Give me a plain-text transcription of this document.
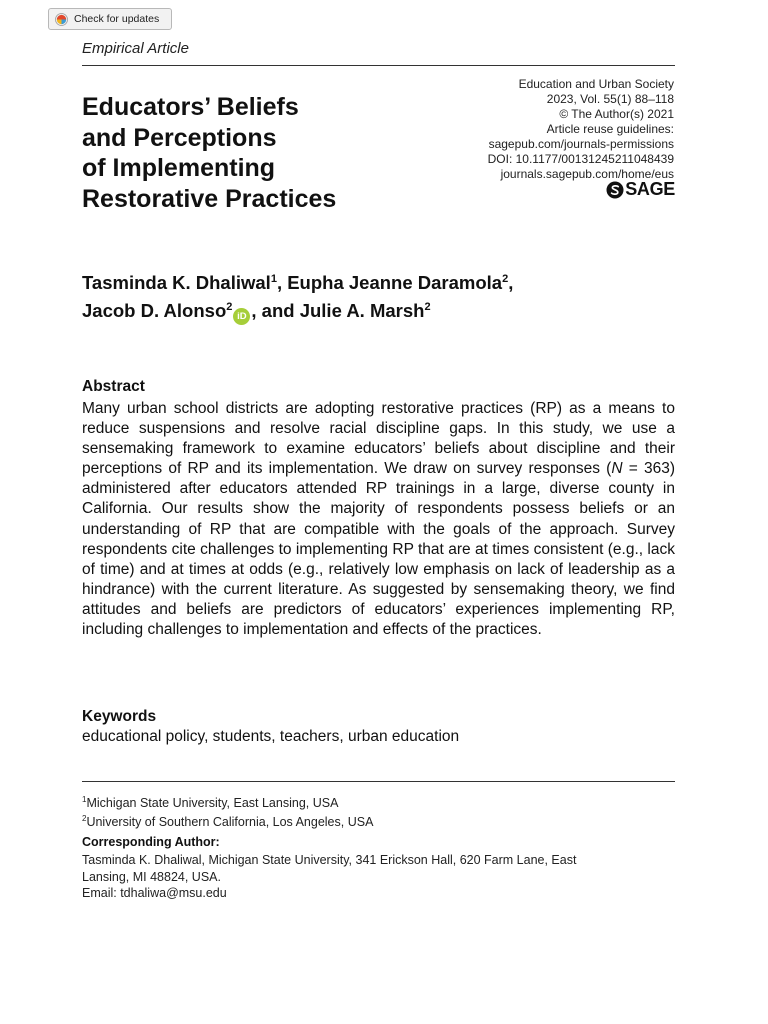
Check for updates
Empirical Article
Educators’ Beliefs
and Perceptions
of Implementing
Restorative Practices
Education and Urban Society
2023, Vol. 55(1) 88–118
© The Author(s) 2021
Article reuse guidelines:
sagepub.com/journals-permissions
DOI: 10.1177/00131245211048439
journals.sagepub.com/home/eus
SAGE
Tasminda K. Dhaliwal$^1$, Eupha Jeanne Daramola$^2$,
Jacob D. Alonso$^2$iD , and Julie A. Marsh$^2$
Abstract

Many urban school districts are adopting restorative practices (RP) as a means to reduce suspensions and resolve racial discipline gaps. In this study, we use a sensemaking framework to examine educators’ beliefs about discipline and their perceptions of RP and its implementation. We draw on survey responses (N = 363) administered after educators attended RP trainings in a large, diverse county in California. Our results show the majority of respondents possess beliefs or an understanding of RP that are compatible with the goals of the approach. Survey respondents cite challenges to implementing RP that are at times consistent (e.g., lack of time) and at times at odds (e.g., relatively low emphasis on lack of leadership as a hindrance) with the current literature. As suggested by sensemaking theory, we find attitudes and beliefs are predictors of educators’ experiences implementing RP, including challenges to implementation and effects of the practices.

Keywords
educational policy, students, teachers, urban education
$^1$Michigan State University, East Lansing, USA
$^2$University of Southern California, Los Angeles, USA
Corresponding Author:
Tasminda K. Dhaliwal, Michigan State University, 341 Erickson Hall, 620 Farm Lane, East
Lansing, MI 48824, USA.
Email: tdhaliwa@msu.edu
